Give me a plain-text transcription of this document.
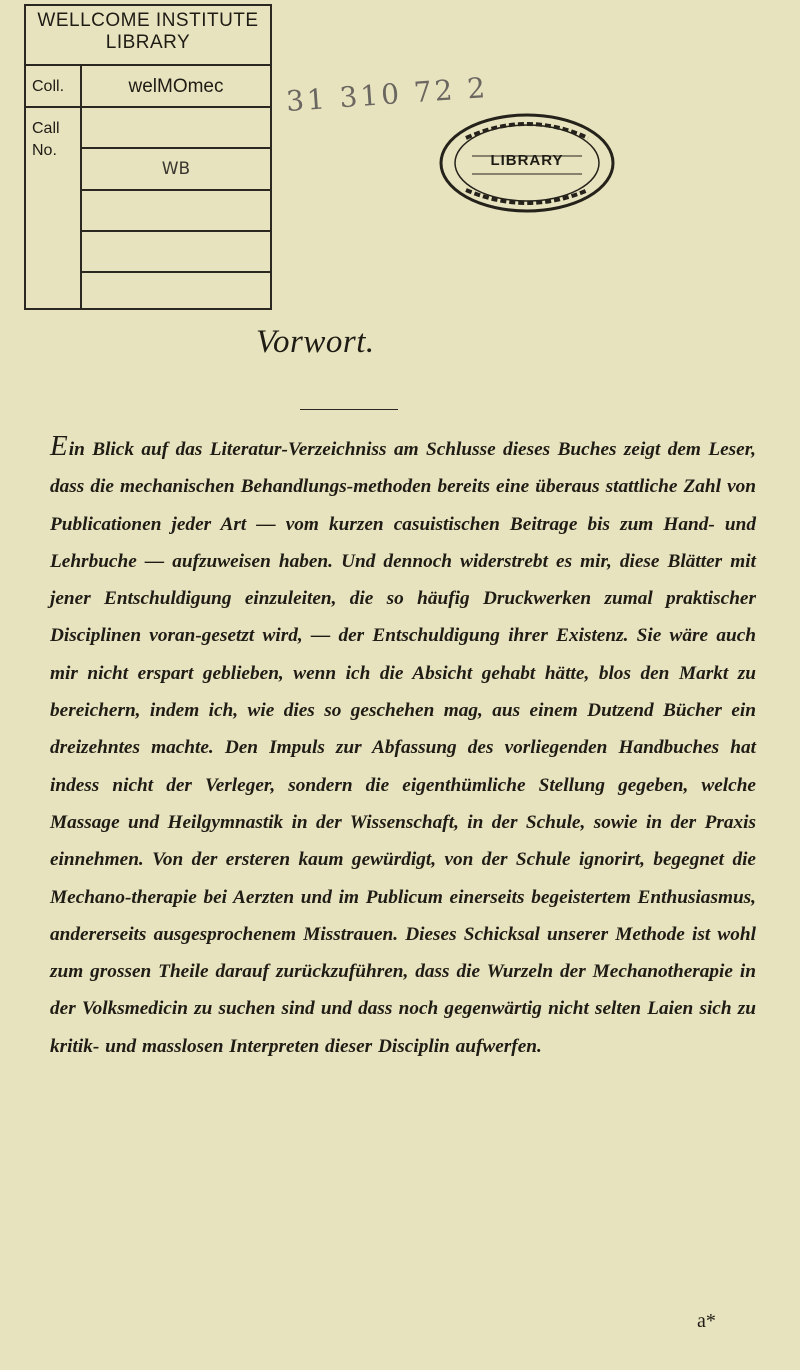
WELLCOME INSTITUTE
LIBRARY
Coll.	welMOmec
Call
No.
WB
31 310 72 2
LIBRARY
Vorwort.

Ein Blick auf das Literatur-Verzeichniss am Schlusse dieses Buches zeigt dem Leser, dass die mechanischen Behandlungs-methoden bereits eine überaus stattliche Zahl von Publicationen jeder Art — vom kurzen casuistischen Beitrage bis zum Hand- und Lehrbuche — aufzuweisen haben. Und dennoch widerstrebt es mir, diese Blätter mit jener Entschuldigung einzuleiten, die so häufig Druckwerken zumal praktischer Disciplinen voran-gesetzt wird, — der Entschuldigung ihrer Existenz. Sie wäre auch mir nicht erspart geblieben, wenn ich die Absicht gehabt hätte, blos den Markt zu bereichern, indem ich, wie dies so geschehen mag, aus einem Dutzend Bücher ein dreizehntes machte. Den Impuls zur Abfassung des vorliegenden Handbuches hat indess nicht der Verleger, sondern die eigenthümliche Stellung gegeben, welche Massage und Heilgymnastik in der Wissenschaft, in der Schule, sowie in der Praxis einnehmen. Von der ersteren kaum gewürdigt, von der Schule ignorirt, begegnet die Mechano-therapie bei Aerzten und im Publicum einerseits begeistertem Enthusiasmus, andererseits ausgesprochenem Misstrauen. Dieses Schicksal unserer Methode ist wohl zum grossen Theile darauf zurückzuführen, dass die Wurzeln der Mechanotherapie in der Volksmedicin zu suchen sind und dass noch gegenwärtig nicht selten Laien sich zu kritik- und masslosen Interpreten dieser Disciplin aufwerfen.

a*
